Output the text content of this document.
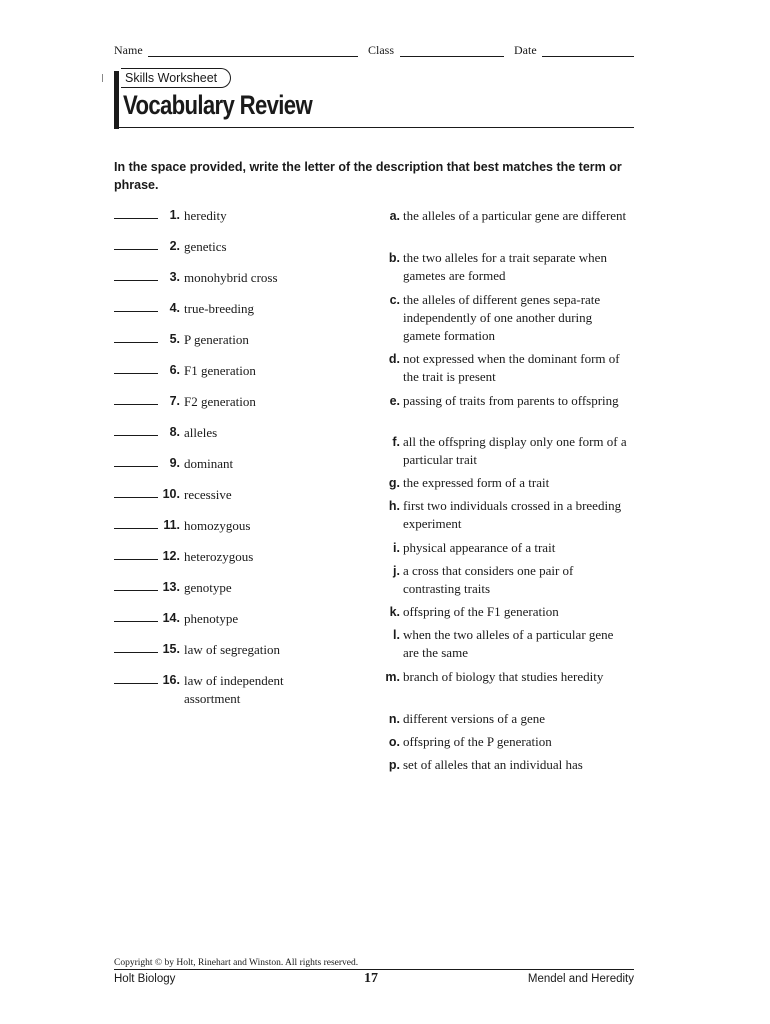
Name	Class	Date
Skills Worksheet
Vocabulary Review
In the space provided, write the letter of the description that best matches the term or phrase.
1. heredity
2. genetics
3. monohybrid cross
4. true-breeding
5. P generation
6. F1 generation
7. F2 generation
8. alleles
9. dominant
10. recessive
11. homozygous
12. heterozygous
13. genotype
14. phenotype
15. law of segregation
16. law of independent assortment
a. the alleles of a particular gene are different
b. the two alleles for a trait separate when gametes are formed
c. the alleles of different genes sepa-rate independently of one another during gamete formation
d. not expressed when the dominant form of the trait is present
e. passing of traits from parents to offspring
f. all the offspring display only one form of a particular trait
g. the expressed form of a trait
h. first two individuals crossed in a breeding experiment
i. physical appearance of a trait
j. a cross that considers one pair of contrasting traits
k. offspring of the F1 generation
l. when the two alleles of a particular gene are the same
m. branch of biology that studies heredity
n. different versions of a gene
o. offspring of the P generation
p. set of alleles that an individual has
Copyright © by Holt, Rinehart and Winston. All rights reserved.
Holt Biology	17	Mendel and Heredity
